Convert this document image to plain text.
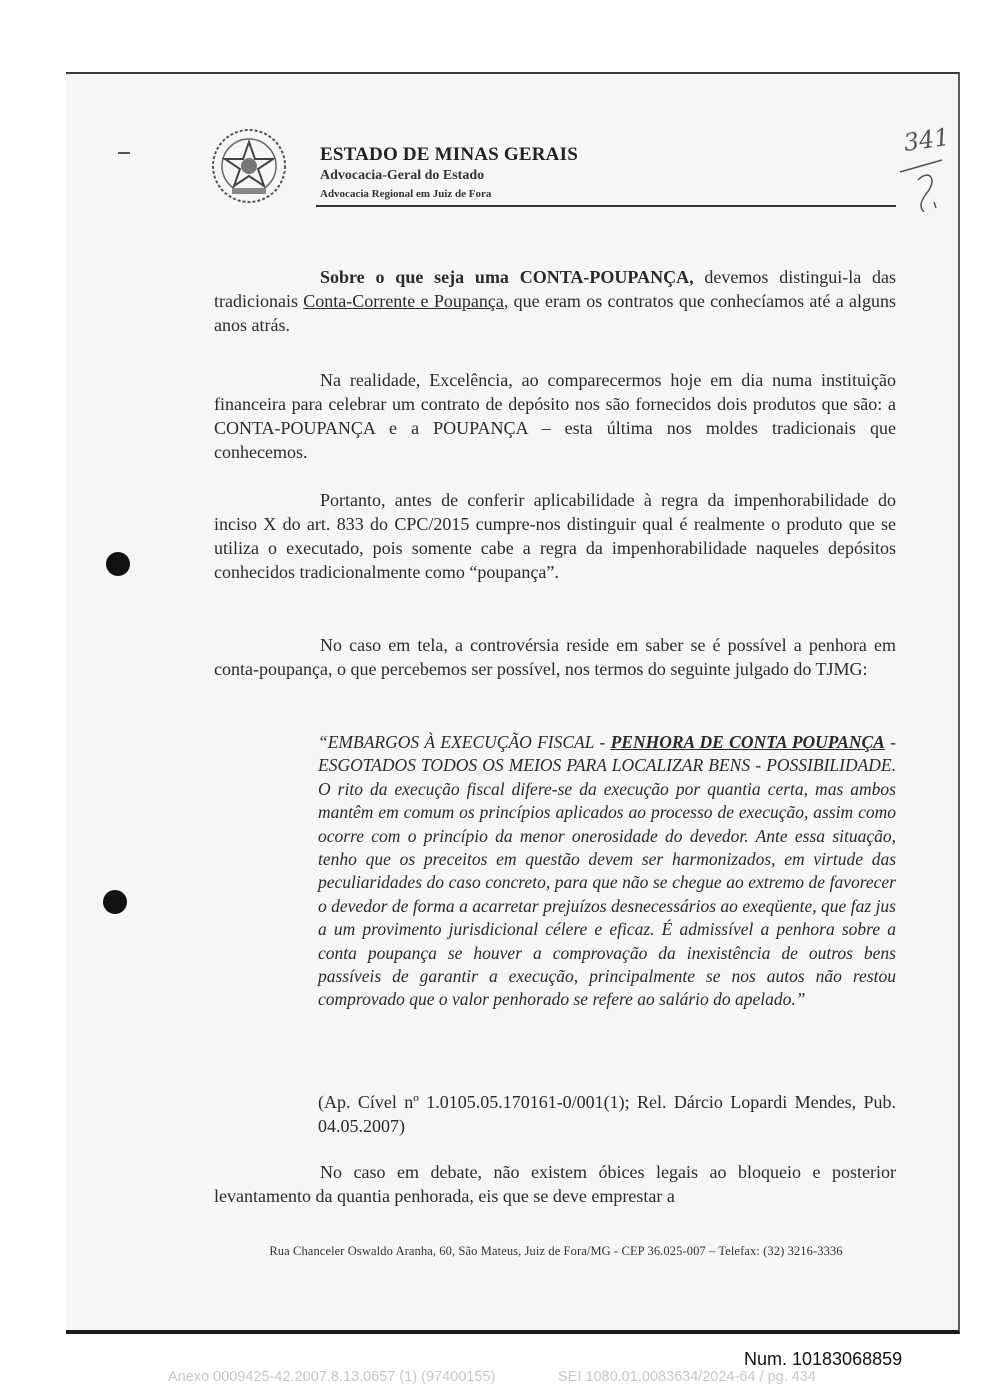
ESTADO DE MINAS GERAIS
Advocacia-Geral do Estado
Advocacia Regional em Juiz de Fora
341

Sobre o que seja uma CONTA-POUPANÇA, devemos distingui-la das tradicionais Conta-Corrente e Poupança, que eram os contratos que conhecíamos até a alguns anos atrás.

Na realidade, Excelência, ao comparecermos hoje em dia numa instituição financeira para celebrar um contrato de depósito nos são fornecidos dois produtos que são: a CONTA-POUPANÇA e a POUPANÇA – esta última nos moldes tradicionais que conhecemos.

Portanto, antes de conferir aplicabilidade à regra da impenhorabilidade do inciso X do art. 833 do CPC/2015 cumpre-nos distinguir qual é realmente o produto que se utiliza o executado, pois somente cabe a regra da impenhorabilidade naqueles depósitos conhecidos tradicionalmente como “poupança”.

No caso em tela, a controvérsia reside em saber se é possível a penhora em conta-poupança, o que percebemos ser possível, nos termos do seguinte julgado do TJMG:

“EMBARGOS À EXECUÇÃO FISCAL - PENHORA DE CONTA POUPANÇA - ESGOTADOS TODOS OS MEIOS PARA LOCALIZAR BENS - POSSIBILIDADE. O rito da execução fiscal difere-se da execução por quantia certa, mas ambos mantêm em comum os princípios aplicados ao processo de execução, assim como ocorre com o princípio da menor onerosidade do devedor. Ante essa situação, tenho que os preceitos em questão devem ser harmonizados, em virtude das peculiaridades do caso concreto, para que não se chegue ao extremo de favorecer o devedor de forma a acarretar prejuízos desnecessários ao exeqüente, que faz jus a um provimento jurisdicional célere e eficaz. É admissível a penhora sobre a conta poupança se houver a comprovação da inexistência de outros bens passíveis de garantir a execução, principalmente se nos autos não restou comprovado que o valor penhorado se refere ao salário do apelado.”
(Ap. Cível nº 1.0105.05.170161-0/001(1); Rel. Dárcio Lopardi Mendes, Pub. 04.05.2007)

No caso em debate, não existem óbices legais ao bloqueio e posterior levantamento da quantia penhorada, eis que se deve emprestar a

Rua Chanceler Oswaldo Aranha, 60, São Mateus, Juiz de Fora/MG - CEP 36.025-007 – Telefax: (32) 3216-3336
Num. 10183068859
Anexo 0009425-42.2007.8.13.0657 (1) (97400155)	SEI 1080.01.0083634/2024-64 / pg. 434
